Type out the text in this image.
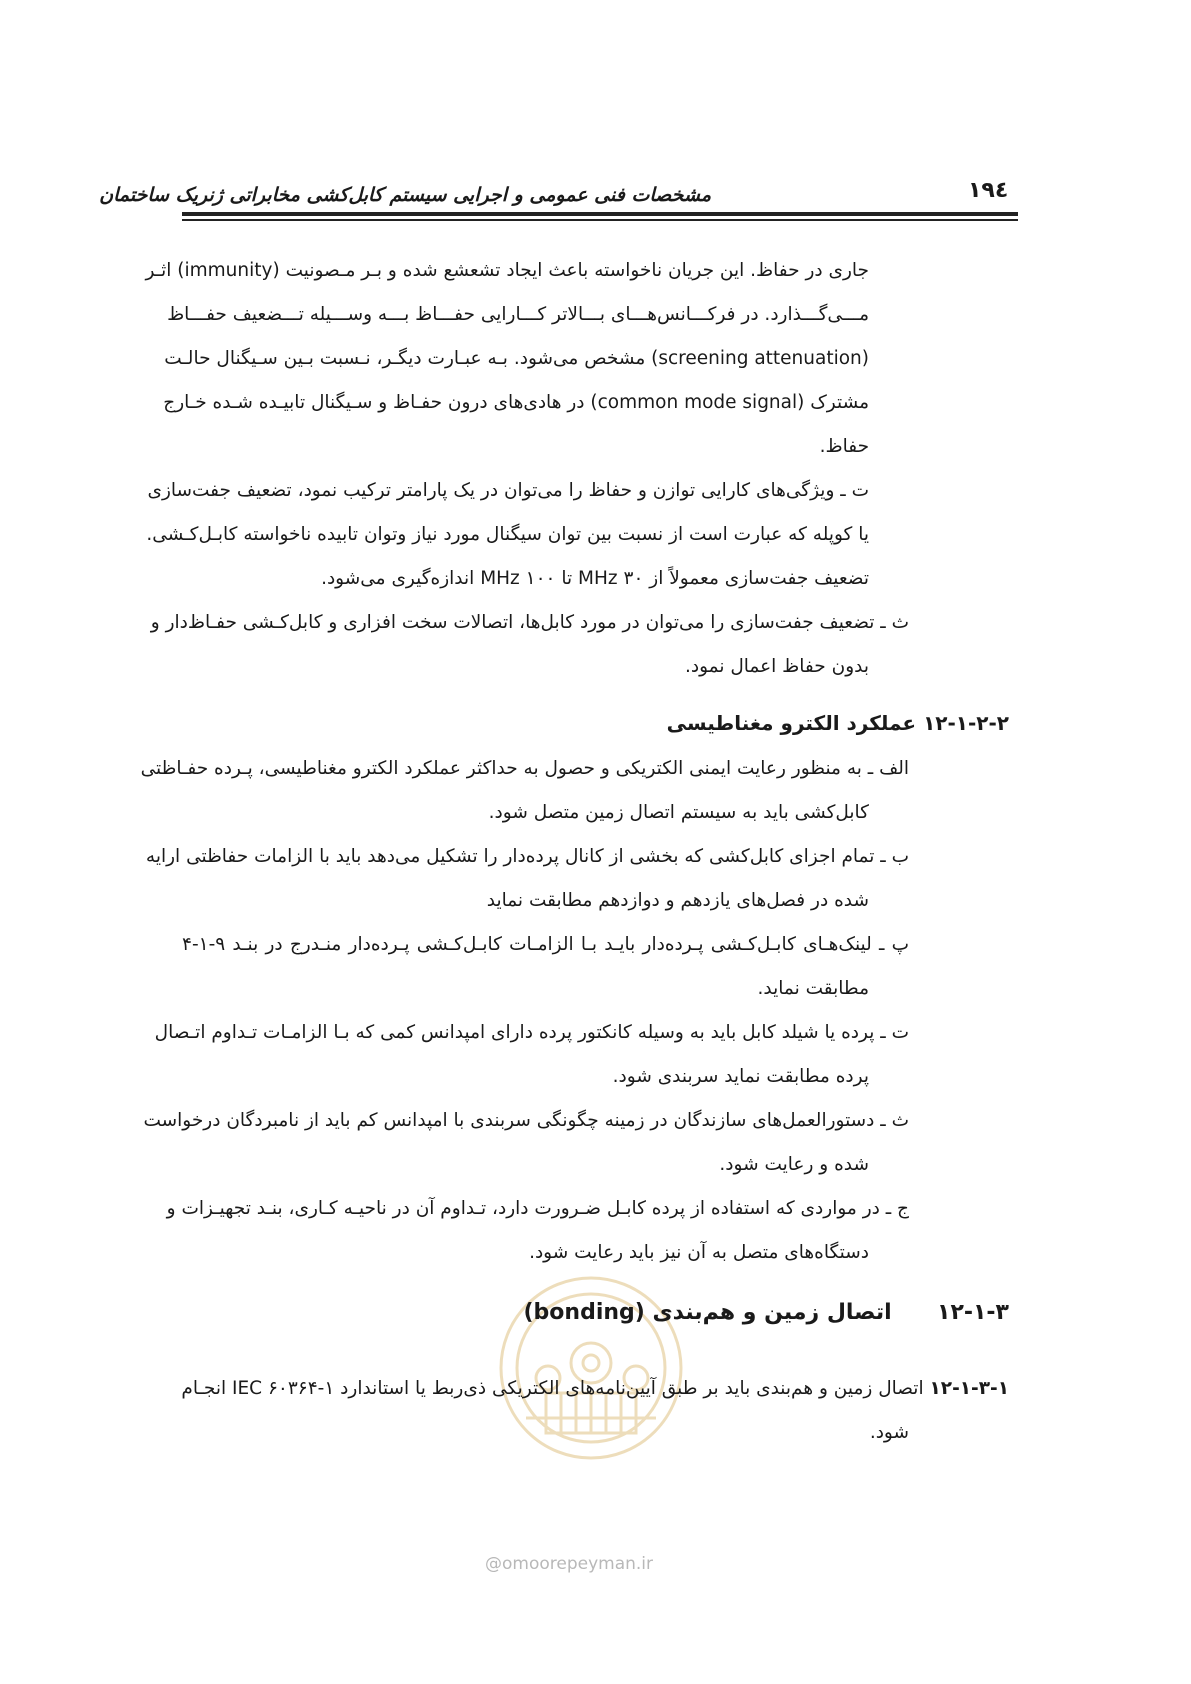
مشخصات فنی عمومی و اجرایی سیستم کابل‌کشی مخابراتی ژنریک ساختمان	۱۹٤
جاری در حفاظ. این جریان ناخواسته باعث ایجاد تشعشع شده و بـر مـصونیت (immunity) اثـر
مـــی‌گـــذارد. در فرکـــانس‌هـــای بـــالاتر کـــارایی حفـــاظ بـــه وســـیله تـــضعیف حفـــاظ
(screening attenuation) مشخص می‌شود. بـه عبـارت دیگـر، نـسبت بـین سـیگنال حالـت
مشترک (common mode signal) در هادی‌های درون حفـاظ و سـیگنال تابیـده شـده خـارج
حفاظ.
ت ـ ویژگی‌های کارایی توازن و حفاظ را می‌توان در یک پارامتر ترکیب نمود، تضعیف جفت‌سازی
یا کوپله که عبارت است از نسبت بین توان سیگنال مورد نیاز وتوان تابیده ناخواسته کابـل‌کـشی.
تضعیف جفت‌سازی معمولاً از ۳۰ MHz تا ۱۰۰ MHz اندازه‌گیری می‌شود.
ث ـ تضعیف جفت‌سازی را می‌توان در مورد کابل‌ها، اتصالات سخت افزاری و کابل‌کـشی حفـاظ‌دار و
بدون حفاظ اعمال نمود.
۱۲-۱-۲-۲ عملکرد الکترو مغناطیسی
الف ـ به منظور رعایت ایمنی الکتریکی و حصول به حداکثر عملکرد الکترو مغناطیسی، پـرده حفـاظتی
کابل‌کشی باید به سیستم اتصال زمین متصل شود.
ب ـ تمام اجزای کابل‌کشی که بخشی از کانال پرده‌دار را تشکیل می‌دهد باید با الزامات حفاظتی ارایه
شده در فصل‌های یازدهم و دوازدهم مطابقت نماید
پ ـ لینک‌هـای کابـل‌کـشی پـرده‌دار بایـد بـا الزامـات کابـل‌کـشی پـرده‌دار منـدرج در بنـد ۹-۱-۴
مطابقت نماید.
ت ـ پرده یا شیلد کابل باید به وسیله کانکتور پرده دارای امپدانس کمی که بـا الزامـات تـداوم اتـصال
پرده مطابقت نماید سربندی شود.
ث ـ دستورالعمل‌های سازندگان در زمینه چگونگی سربندی با امپدانس کم باید از نامبردگان درخواست
شده و رعایت شود.
ج ـ در مواردی که استفاده از پرده کابـل ضـرورت دارد، تـداوم آن در ناحیـه کـاری، بنـد تجهیـزات و
دستگاه‌های متصل به آن نیز باید رعایت شود.
@omoorepeyman.ir
۱۲-۱-۳  اتصال زمین و هم‌بندی (bonding)
۱۲-۱-۳-۱ اتصال زمین و هم‌بندی باید بر طبق آیین‌نامه‌های الکتریکی ذی‌ربط یا استاندارد IEC ۶۰۳۶۴-۱ انجـام
شود.
